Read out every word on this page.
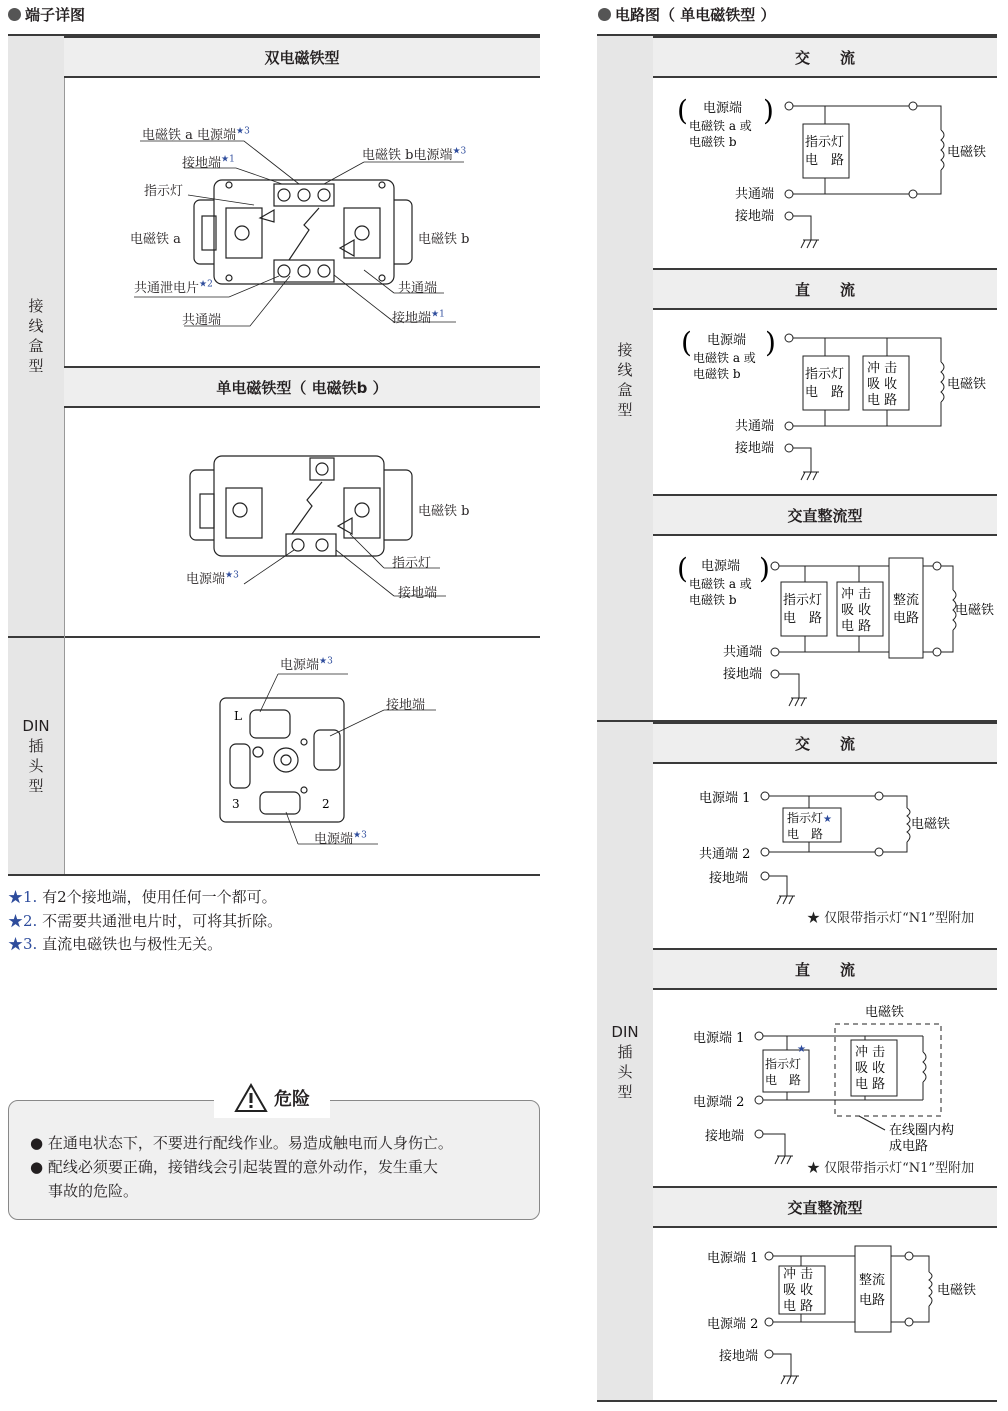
端子详图
接
线
盒
型
DIN
插
头
型
双电磁铁型
单电磁铁型（ 电磁铁b ）
电磁铁 a 电源端$^{★3}$
接地端$^{★1}$
指示灯
电磁铁 a
共通泄电片$^{★2}$
共通端
电磁铁 b电源端$^{★3}$
电磁铁 b
共通端
接地端$^{★1}$
电磁铁 b
指示灯
电源端$^{★3}$
接地端
L
2
3
电源端$^{★3}$
接地端
电源端$^{★3}$
★1. 有2个接地端，使用任何一个都可。
★2. 不需要共通泄电片时，可将其折除。
★3. 直流电磁铁也与极性无关。
危险
● 在通电状态下，不要进行配线作业。易造成触电而人身伤亡。
● 配线必须要正确，接错线会引起装置的意外动作，发生重大
事故的危险。
电路图（ 单电磁铁型 ）
接
线
盒
型
DIN
插
头
型
交　　流
直　　流
交直整流型
交　　流
直　　流
交直整流型
指示灯
电　路
电磁铁
电源端
(	)
电磁铁 a 或
电磁铁 b
共通端
接地端
指示灯
电　路
冲 击
吸 收
电 路
电磁铁
电源端
(	)
电磁铁 a 或
电磁铁 b
共通端
接地端
指示灯
电　路
冲 击
吸 收
电 路
整流
电路
电磁铁
电源端
(	)
电磁铁 a 或
电磁铁 b
共通端
接地端
指示灯★
电　路
电磁铁
电源端 1
共通端 2
接地端
★ 仅限带指示灯“N1”型附加
★
指示灯
电　路
冲 击
吸 收
电 路
电磁铁
电源端 1
电源端 2
接地端	在线圈内构
成电路
★ 仅限带指示灯“N1”型附加
冲 击
吸 收
电 路
整流
电路
电磁铁
电源端 1
电源端 2
接地端
